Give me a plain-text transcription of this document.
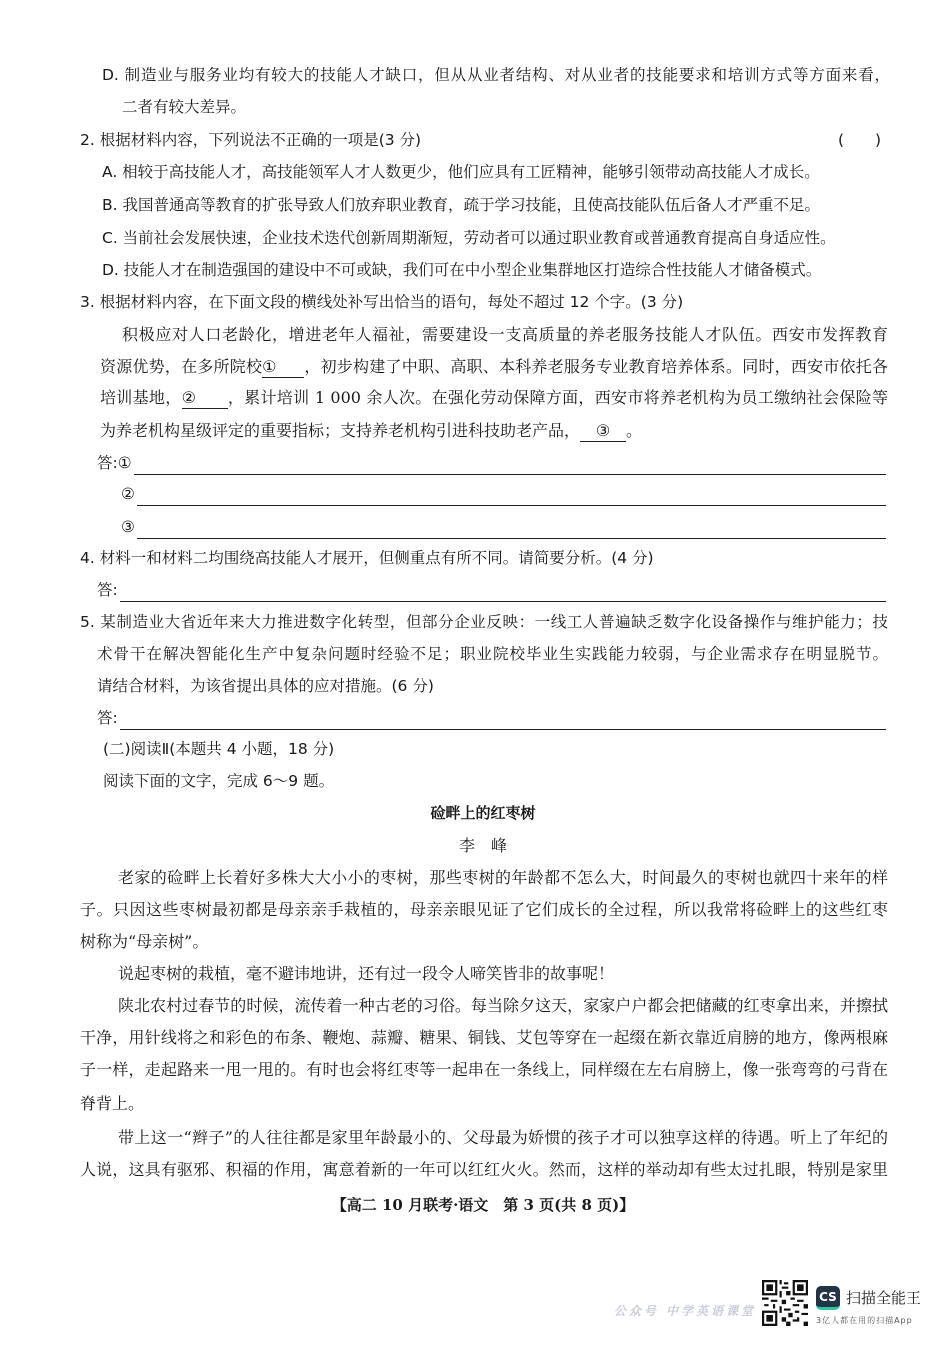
D. 制造业与服务业均有较大的技能人才缺口，但从从业者结构、对从业者的技能要求和培训方式等方面来看，
二者有较大差异。
2. 根据材料内容，下列说法不正确的一项是(3 分)	(　　)
A. 相较于高技能人才，高技能领军人才人数更少，他们应具有工匠精神，能够引领带动高技能人才成长。
B. 我国普通高等教育的扩张导致人们放弃职业教育，疏于学习技能，且使高技能队伍后备人才严重不足。
C. 当前社会发展快速，企业技术迭代创新周期渐短，劳动者可以通过职业教育或普通教育提高自身适应性。
D. 技能人才在制造强国的建设中不可或缺，我们可在中小型企业集群地区打造综合性技能人才储备模式。
3. 根据材料内容，在下面文段的横线处补写出恰当的语句，每处不超过 12 个字。(3 分)
积极应对人口老龄化，增进老年人福祉，需要建设一支高质量的养老服务技能人才队伍。西安市发挥教育
资源优势，在多所院校① ，初步构建了中职、高职、本科养老服务专业教育培养体系。同时，西安市依托各
培训基地，② ，累计培训 1 000 余人次。在强化劳动保障方面，西安市将养老机构为员工缴纳社会保险等
为养老机构星级评定的重要指标；支持养老机构引进科技助老产品， ③ 。
答: ①
②
③
4. 材料一和材料二均围绕高技能人才展开，但侧重点有所不同。请简要分析。(4 分)
答:
5. 某制造业大省近年来大力推进数字化转型，但部分企业反映：一线工人普遍缺乏数字化设备操作与维护能力；技
术骨干在解决智能化生产中复杂问题时经验不足；职业院校毕业生实践能力较弱，与企业需求存在明显脱节。
请结合材料，为该省提出具体的应对措施。(6 分)
答:
(二)阅读Ⅱ(本题共 4 小题，18 分)
阅读下面的文字，完成 6～9 题。
硷畔上的红枣树
李　峰
老家的硷畔上长着好多株大大小小的枣树，那些枣树的年龄都不怎么大，时间最久的枣树也就四十来年的样
子。只因这些枣树最初都是母亲亲手栽植的，母亲亲眼见证了它们成长的全过程，所以我常将硷畔上的这些红枣
树称为“母亲树”。
说起枣树的栽植，毫不避讳地讲，还有过一段令人啼笑皆非的故事呢！
陕北农村过春节的时候，流传着一种古老的习俗。每当除夕这天，家家户户都会把储藏的红枣拿出来，并擦拭
干净，用针线将之和彩色的布条、鞭炮、蒜瓣、糖果、铜钱、艾包等穿在一起缀在新衣靠近肩膀的地方，像两根麻
子一样，走起路来一甩一甩的。有时也会将红枣等一起串在一条线上，同样缀在左右肩膀上，像一张弯弯的弓背在
脊背上。
带上这一“辫子”的人往往都是家里年龄最小的、父母最为娇惯的孩子才可以独享这样的待遇。听上了年纪的
人说，这具有驱邪、积福的作用，寓意着新的一年可以红红火火。然而，这样的举动却有些太过扎眼，特别是家里
【高二 10 月联考·语文　第 3 页(共 8 页)】
公众号 中学英语课堂
CS 扫描全能王
3亿人都在用的扫描App
